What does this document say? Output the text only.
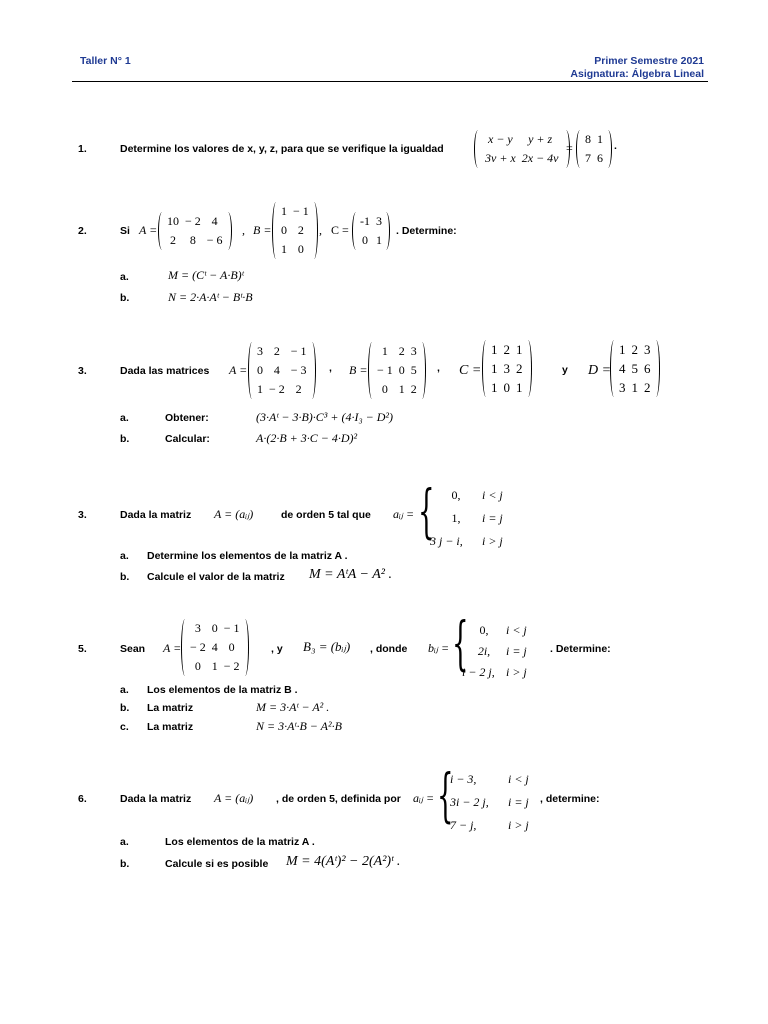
Taller N° 1	Primer Semestre 2021
Asignatura: Álgebra Lineal
1.	Determine los valores de x, y, z, para que se verifique la igualdad
x − y	y + z
3v + x	2x − 4v
=
8	1
7	6
.
2.	Si A =
10	− 2	4
2	8	− 6
, B =
1	− 1
0	2
1	0
, C =
-1	3
0	1
. Determine:
a.	M = (Cᵗ − A·B)ᵗ
b.	N = 2·A·Aᵗ − Bᵗ·B
3.	Dada las matrices A =
3	2	− 1
0	4	− 3
1	− 2	2
, B =
1	2	3
− 1	0	5
0	1	2
, C =
1	2	1
1	3	2
1	0	1
y D =
1	2	3
4	5	6
3	1	2
a.	Obtener:	(3·Aᵗ − 3·B)·C³ + (4·I₃ − D²)
b.	Calcular:	A·(2·B + 3·C − 4·D)²
3.	Dada la matriz A = (aᵢⱼ)	de orden 5 tal que aᵢⱼ = {	0, i < j
1, i = j
3 j − i, i > j
a. Determine los elementos de la matriz A .
b. Calcule el valor de la matriz M = AᵗA − A² .
5.	Sean A =
3	0	− 1
− 2	4	0
0	1	− 2
, y B₃ = (bᵢⱼ) , donde bᵢⱼ = { 0, i < j
2i, i = j
i − 2 j, i > j
. Determine:
a. Los elementos de la matriz B .
b. La matriz	M = 3·Aᵗ − A² .
c. La matriz	N = 3·Aᵗ·B − A²·B
6.	Dada la matriz A = (aᵢⱼ) , de orden 5, definida por aᵢⱼ = {
i − 3,	i < j
3i − 2 j, i = j
7 − j,	i > j
, determine:
a.	Los elementos de la matriz A .
b.	Calcule si es posible M = 4(Aᵗ)² − 2(A²)ᵗ .
